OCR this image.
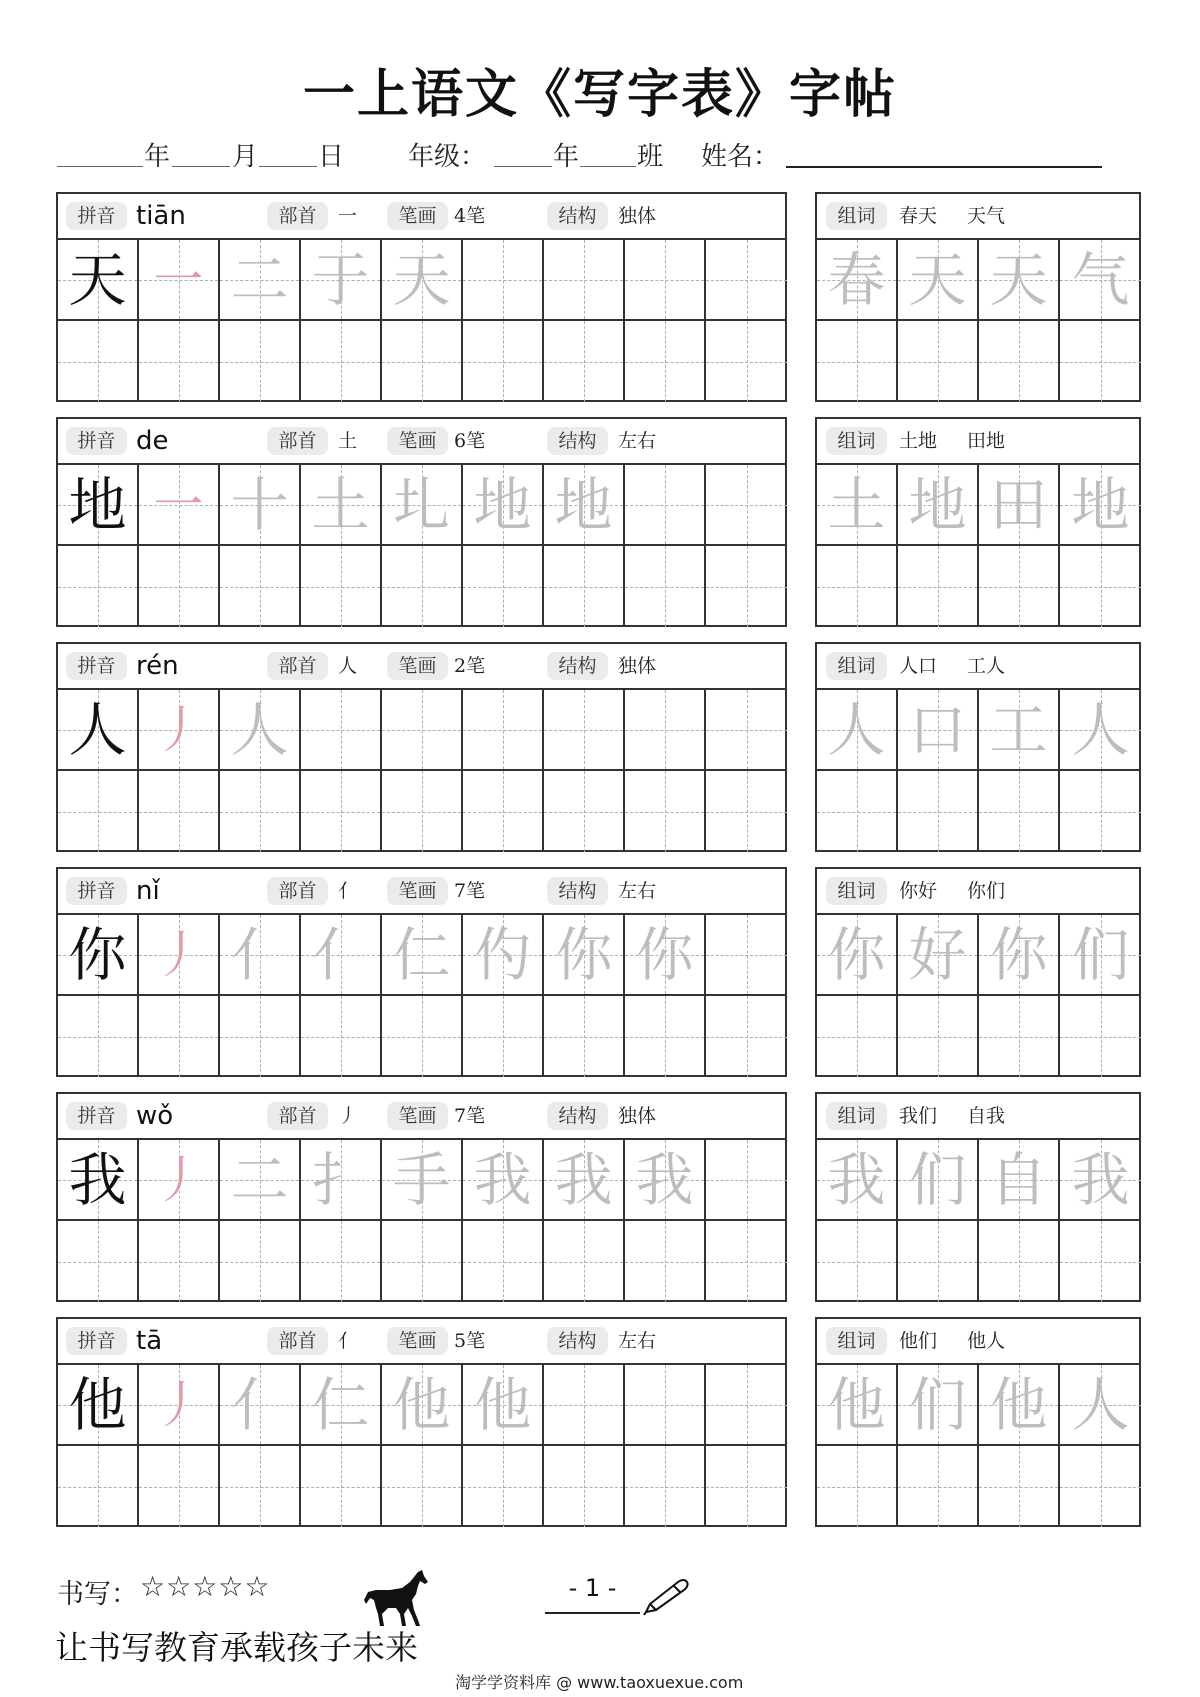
一上语文《写字表》字帖
年 月 日 年级：	年 班 姓名：
拼音 tiān	部首	一	笔画 4笔	结构	独体
天 一 二 于 天
组词	春天 天气
春 天 天 气
拼音 de	部首	土	笔画 6笔	结构	左右
地 一 十 土 圠 地 地
组词	土地 田地
土 地 田 地
拼音 rén	部首	人	笔画 2笔	结构	独体
人 丿 人
组词	人口 工人
人 口 工 人
拼音 nǐ	部首	亻	笔画 7笔	结构	左右
你 丿 亻 亻 仁 仢 你 你
组词	你好 你们
你 好 你 们
拼音 wǒ	部首	丿	笔画 7笔	结构	独体
我 丿 二 扌 手 我 我 我
组词	我们 自我
我 们 自 我
拼音 tā	部首	亻	笔画 5笔	结构	左右
他 丿 亻 仁 他 他
组词	他们 他人
他 们 他 人
书写： ☆☆☆☆☆	- 1 -
让书写教育承载孩子未来
淘学学资料库 @ www.taoxuexue.com
